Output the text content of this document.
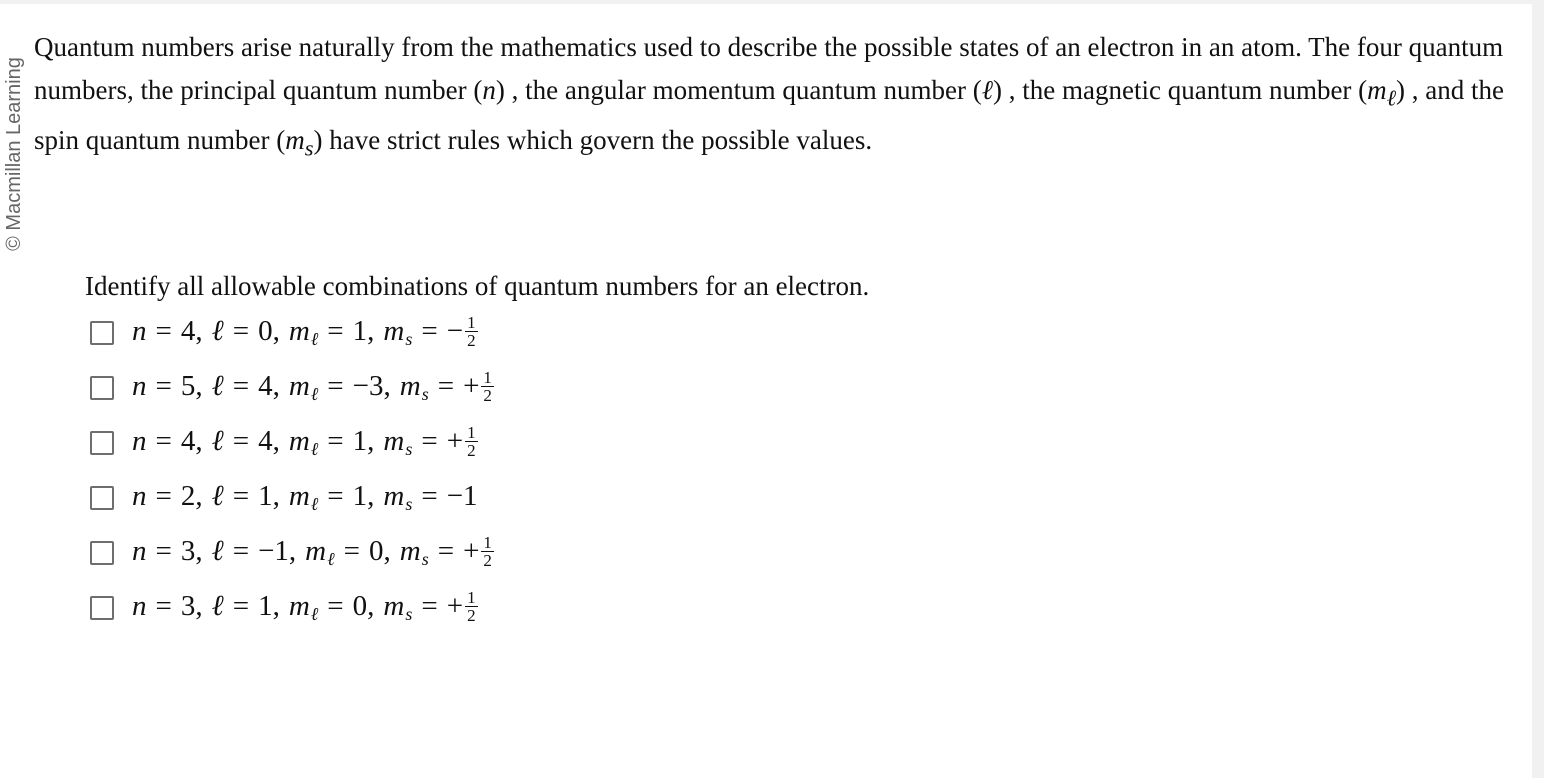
© Macmillan Learning

Quantum numbers arise naturally from the mathematics used to describe the possible states of an electron in an atom. The four quantum numbers, the principal quantum number (n) , the angular momentum quantum number (ℓ) , the magnetic quantum number $(m_\ell)$ , and the spin quantum number $(m_s)$ have strict rules which govern the possible values.

Identify all allowable combinations of quantum numbers for an electron.

n = 4 , ℓ = 0 , m ℓ = 1 , m s = − $\frac{1}{2}$
n = 5 , ℓ = 4 , m ℓ = −3 , m s = + $\frac{1}{2}$
n = 4 , ℓ = 4 , m ℓ = 1 , m s = + $\frac{1}{2}$
n = 2 , ℓ = 1 , m ℓ = 1 , m s = −1
n = 3 , ℓ = −1 , m ℓ = 0 , m s = + $\frac{1}{2}$
n = 3 , ℓ = 1 , m ℓ = 0 , m s = + $\frac{1}{2}$
